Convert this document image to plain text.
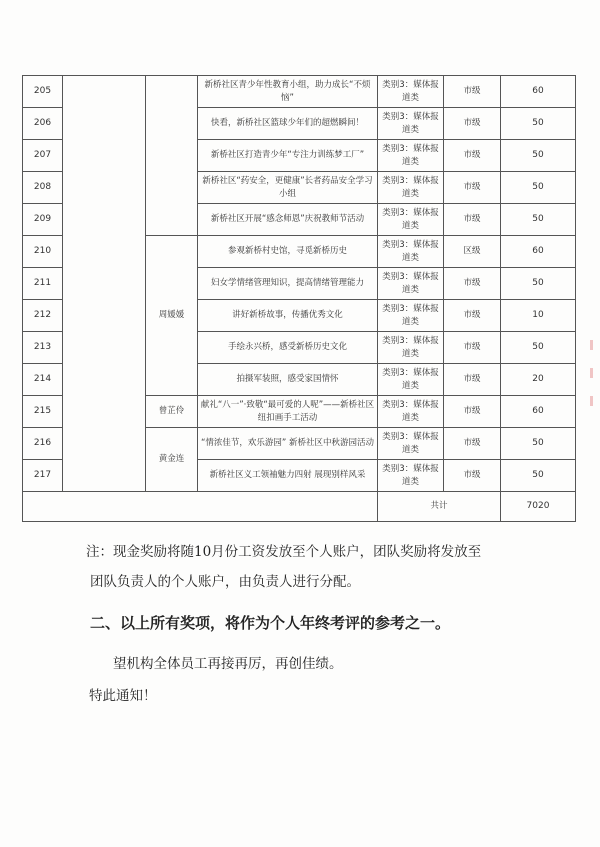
205			新桥社区青少年性教育小组，助力成长“不烦恼”	类别3：媒体报道类	市级	60
206			快看，新桥社区篮球少年们的超燃瞬间！	类别3：媒体报道类	市级	50
207			新桥社区打造青少年“专注力训练梦工厂”	类别3：媒体报道类	市级	50
208			新桥社区“药安全，更健康”长者药品安全学习小组	类别3：媒体报道类	市级	50
209			新桥社区开展“感念师恩”庆祝教师节活动	类别3：媒体报道类	市级	50
210		周媛媛	参观新桥村史馆，寻觅新桥历史	类别3：媒体报道类	区级	60
211			妇女学情绪管理知识，提高情绪管理能力	类别3：媒体报道类	市级	50
212			讲好新桥故事，传播优秀文化	类别3：媒体报道类	市级	10
213			手绘永兴桥，感受新桥历史文化	类别3：媒体报道类	市级	50
214			拍摄军装照，感受家国情怀	类别3：媒体报道类	市级	20
215		曾芷伶	献礼“八一”·致敬“最可爱的人呢”——新桥社区纽扣画手工活动	类别3：媒体报道类	市级	60
216		黄金连	“情浓佳节，欢乐游园” 新桥社区中秋游园活动	类别3：媒体报道类	市级	50
217			新桥社区义工领袖魅力四射 展现别样风采	类别3：媒体报道类	市级	50
				共计		7020
注：现金奖励将随10月份工资发放至个人账户，团队奖励将发放至
团队负责人的个人账户，由负责人进行分配。
二、以上所有奖项，将作为个人年终考评的参考之一。
望机构全体员工再接再厉，再创佳绩。
特此通知！
